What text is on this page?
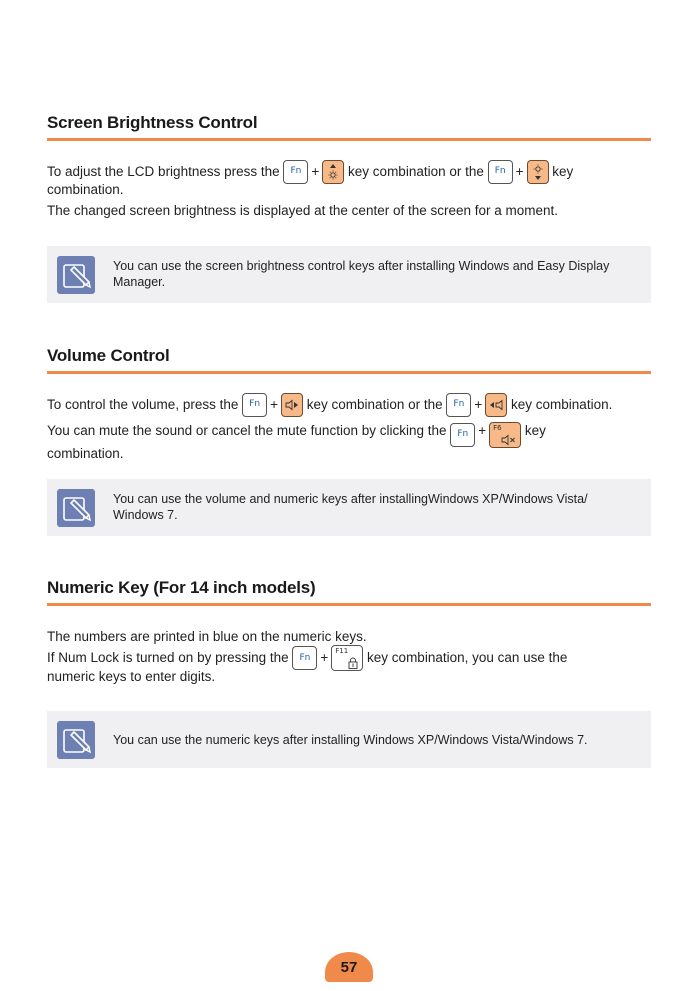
Screen Brightness Control
To adjust the LCD brightness press the Fn + key combination or the Fn + key
combination.
The changed screen brightness is displayed at the center of the screen for a moment.
You can use the screen brightness control keys after installing Windows and Easy Display Manager.
Volume Control
To control the volume, press the Fn + key combination or the Fn + key combination.
You can mute the sound or cancel the mute function by clicking the Fn + F6 key
combination.
You can use the volume and numeric keys after installingWindows XP/Windows Vista/ Windows 7.
Numeric Key (For 14 inch models)
The numbers are printed in blue on the numeric keys.
If Num Lock is turned on by pressing the Fn + F11 key combination, you can use the
numeric keys to enter digits.
You can use the numeric keys after installing Windows XP/Windows Vista/Windows 7.
57
